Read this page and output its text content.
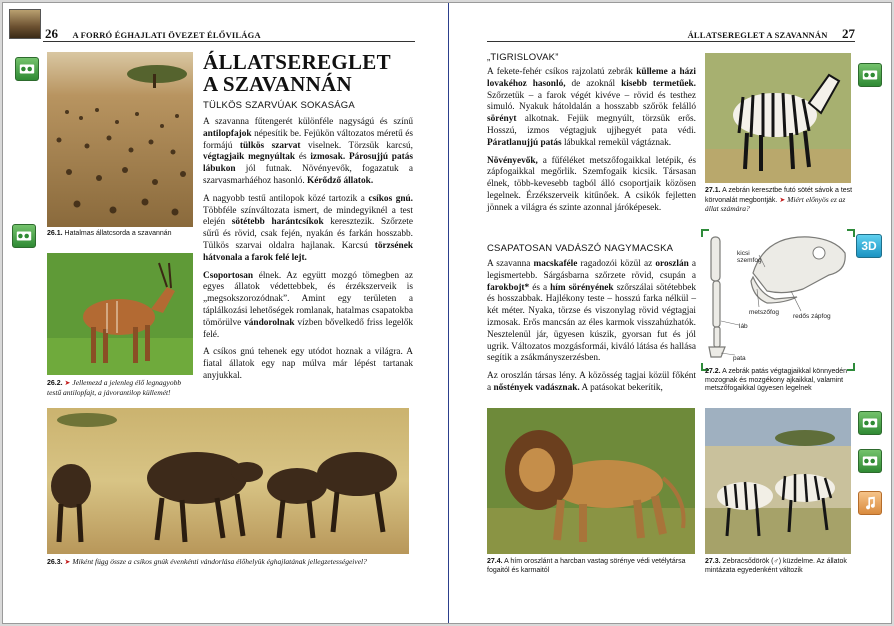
26 A FORRÓ ÉGHAJLATI ÖVEZET ÉLŐVILÁGA
26.1. Hatalmas állatcsorda a szavannán
26.2. ➤ Jellemezd a jelenleg élő legnagyobb testű antilopfajt, a jávorantilop küllemét!
ÁLLATSEREGLET
A SZAVANNÁN
TÜLKÖS SZARVÚAK SOKASÁGA

A szavanna fűtengerét különféle nagyságú és színű antilopfajok népesítik be. Fejükön változatos méretű és formájú tülkös szarvat viselnek. Törzsük karcsú, végtagjaik megnyúltak és izmosak. Párosujjú patás lábukon jól futnak. Növényevők, fogazatuk a szarvasmarháéhoz hasonló. Kérődző állatok.

A nagyobb testű antilopok közé tartozik a csíkos gnú. Többféle színváltozata ismert, de mindegyiknél a test elején sötétebb harántcsíkok keresztezik. Szőrzete sűrű és rövid, csak fején, nyakán és farkán hosszabb. Tülkös szarvai oldalra hajlanak. Karcsú törzsének hátvonala a farok felé lejt.

Csoportosan élnek. Az együtt mozgó tömegben az egyes állatok védettebbek, és érzékszerveik is „megsokszorozódnak”. Amint egy területen a táplálkozási lehetőségek romlanak, hatalmas csapatokba tömörülve vándorolnak vízben bővelkedő friss legelők felé.

A csíkos gnú tehenek egy utódot hoznak a világra. A fiatal állatok egy nap múlva már lépést tartanak anyjukkal.

26.3. ➤ Miként függ össze a csíkos gnúk évenkénti vándorlása élőhelyük éghajlatának jellegzetességeivel?
ÁLLATSEREGLET A SZAVANNÁN 27
„TIGRISLOVAK”

A fekete-fehér csíkos rajzolatú zebrák külleme a házi lovakéhoz hasonló, de azoknál kisebb termetűek. Szőrzetük – a farok végét kivéve – rövid és testhez simuló. Nyakuk hátoldalán a hosszabb szőrök felálló sörényt alkotnak. Fejük megnyúlt, törzsük erős. Hosszú, izmos végtagjuk ujjhegyét pata védi. Páratlanujjú patás lábukkal remekül vágtáznak.

Növényevők, a fűféléket metszőfogaikkal letépik, és zápfogaikkal megőrlik. Szemfogaik kicsik. Társasan élnek, több-kevesebb tagból álló csoportjaik közösen legelnek. Érzékszerveik kitűnőek. A csikók fejletten jönnek a világra és szinte azonnal járóképesek.

CSAPATOSAN VADÁSZÓ NAGYMACSKA

A szavanna macskaféle ragadozói közül az oroszlán a legismertebb. Sárgásbarna szőrzete rövid, csupán a farokbojt* és a hím sörényének szőrszálai sötétebbek és hosszabbak. Hajlékony teste – hosszú farka nélkül – két méter. Nyaka, törzse és viszonylag rövid végtagjai izmosak. Erős mancsán az éles karmok visszahúzhatók. Nesztelenül jár, ügyesen kúszik, gyorsan fut és jól ugrik. Változatos mozgásformái, kiváló látása és hallása segítik a zsákmányszerzésben.

Az oroszlán társas lény. A közösség tagjai közül főként a nőstények vadásznak. A patásokat bekerítik,

27.1. A zebrán keresztbe futó sötét sávok a test körvonalát megbontják. ➤ Miért előnyös ez az állat számára?
kicsi szemfog
metszőfog
redős zápfog
láb
pata
27.2. A zebrák patás végtagjaikkal könnyedén mozognak és mozgékony ajkaikkal, valamint metszőfogaikkal ügyesen legelnek
27.4. A hím oroszlánt a harcban vastag sörénye védi vetélytársa fogaitól és karmaitól
27.3. Zebracsődörök (♂) küzdelme. Az állatok mintázata egyedenként változik
3D
